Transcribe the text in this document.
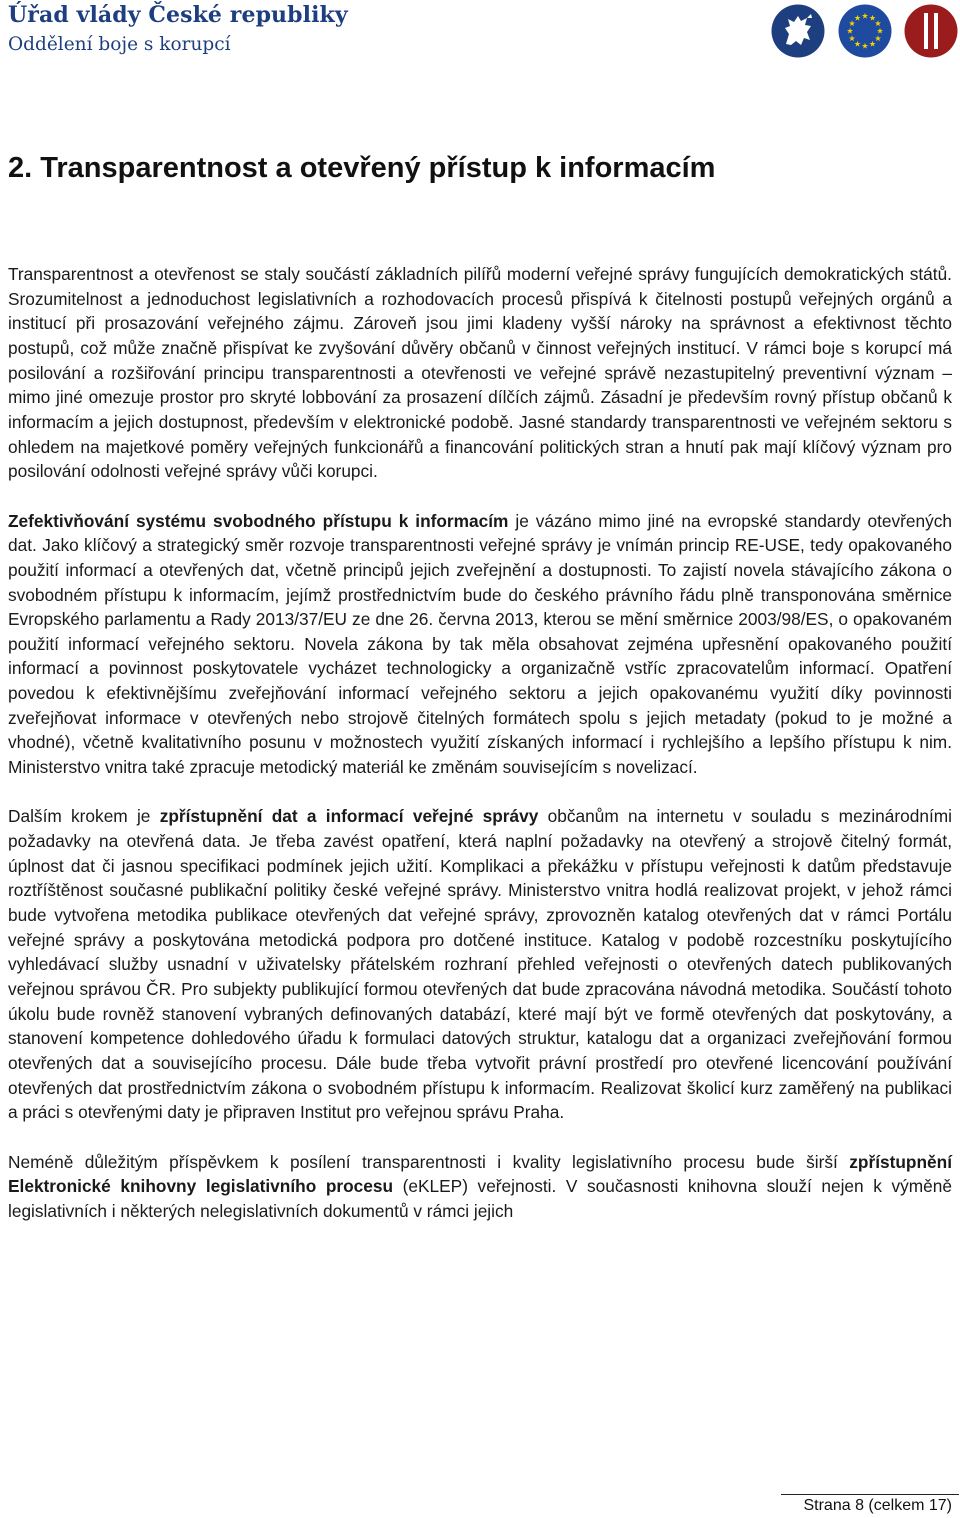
Úřad vlády České republiky
Oddělení boje s korupcí
2. Transparentnost a otevřený přístup k informacím

Transparentnost a otevřenost se staly součástí základních pilířů moderní veřejné správy fungujících demokratických států. Srozumitelnost a jednoduchost legislativních a rozhodovacích procesů přispívá k čitelnosti postupů veřejných orgánů a institucí při prosazování veřejného zájmu. Zároveň jsou jimi kladeny vyšší nároky na správnost a efektivnost těchto postupů, což může značně přispívat ke zvyšování důvěry občanů v činnost veřejných institucí. V rámci boje s korupcí má posilování a rozšiřování principu transparentnosti a otevřenosti ve veřejné správě nezastupitelný preventivní význam – mimo jiné omezuje prostor pro skryté lobbování za prosazení dílčích zájmů. Zásadní je především rovný přístup občanů k informacím a jejich dostupnost, především v elektronické podobě. Jasné standardy transparentnosti ve veřejném sektoru s ohledem na majetkové poměry veřejných funkcionářů a financování politických stran a hnutí pak mají klíčový význam pro posilování odolnosti veřejné správy vůči korupci.

Zefektivňování systému svobodného přístupu k informacím je vázáno mimo jiné na evropské standardy otevřených dat. Jako klíčový a strategický směr rozvoje transparentnosti veřejné správy je vnímán princip RE-USE, tedy opakovaného použití informací a otevřených dat, včetně principů jejich zveřejnění a dostupnosti. To zajistí novela stávajícího zákona o svobodném přístupu k informacím, jejímž prostřednictvím bude do českého právního řádu plně transponována směrnice Evropského parlamentu a Rady 2013/37/EU ze dne 26. června 2013, kterou se mění směrnice 2003/98/ES, o opakovaném použití informací veřejného sektoru. Novela zákona by tak měla obsahovat zejména upřesnění opakovaného použití informací a povinnost poskytovatele vycházet technologicky a organizačně vstříc zpracovatelům informací. Opatření povedou k efektivnějšímu zveřejňování informací veřejného sektoru a jejich opakovanému využití díky povinnosti zveřejňovat informace v otevřených nebo strojově čitelných formátech spolu s jejich metadaty (pokud to je možné a vhodné), včetně kvalitativního posunu v možnostech využití získaných informací i rychlejšího a lepšího přístupu k nim. Ministerstvo vnitra také zpracuje metodický materiál ke změnám souvisejícím s novelizací.

Dalším krokem je zpřístupnění dat a informací veřejné správy občanům na internetu v souladu s mezinárodními požadavky na otevřená data. Je třeba zavést opatření, která naplní požadavky na otevřený a strojově čitelný formát, úplnost dat či jasnou specifikaci podmínek jejich užití. Komplikaci a překážku v přístupu veřejnosti k datům představuje roztříštěnost současné publikační politiky české veřejné správy. Ministerstvo vnitra hodlá realizovat projekt, v jehož rámci bude vytvořena metodika publikace otevřených dat veřejné správy, zprovozněn katalog otevřených dat v rámci Portálu veřejné správy a poskytována metodická podpora pro dotčené instituce. Katalog v podobě rozcestníku poskytujícího vyhledávací služby usnadní v uživatelsky přátelském rozhraní přehled veřejnosti o otevřených datech publikovaných veřejnou správou ČR. Pro subjekty publikující formou otevřených dat bude zpracována návodná metodika. Součástí tohoto úkolu bude rovněž stanovení vybraných definovaných databází, které mají být ve formě otevřených dat poskytovány, a stanovení kompetence dohledového úřadu k formulaci datových struktur, katalogu dat a organizaci zveřejňování formou otevřených dat a souvisejícího procesu. Dále bude třeba vytvořit právní prostředí pro otevřené licencování používání otevřených dat prostřednictvím zákona o svobodném přístupu k informacím. Realizovat školicí kurz zaměřený na publikaci a práci s otevřenými daty je připraven Institut pro veřejnou správu Praha.

Neméně důležitým příspěvkem k posílení transparentnosti i kvality legislativního procesu bude širší zpřístupnění Elektronické knihovny legislativního procesu (eKLEP) veřejnosti. V současnosti knihovna slouží nejen k výměně legislativních i některých nelegislativních dokumentů v rámci jejich

Strana 8 (celkem 17)
